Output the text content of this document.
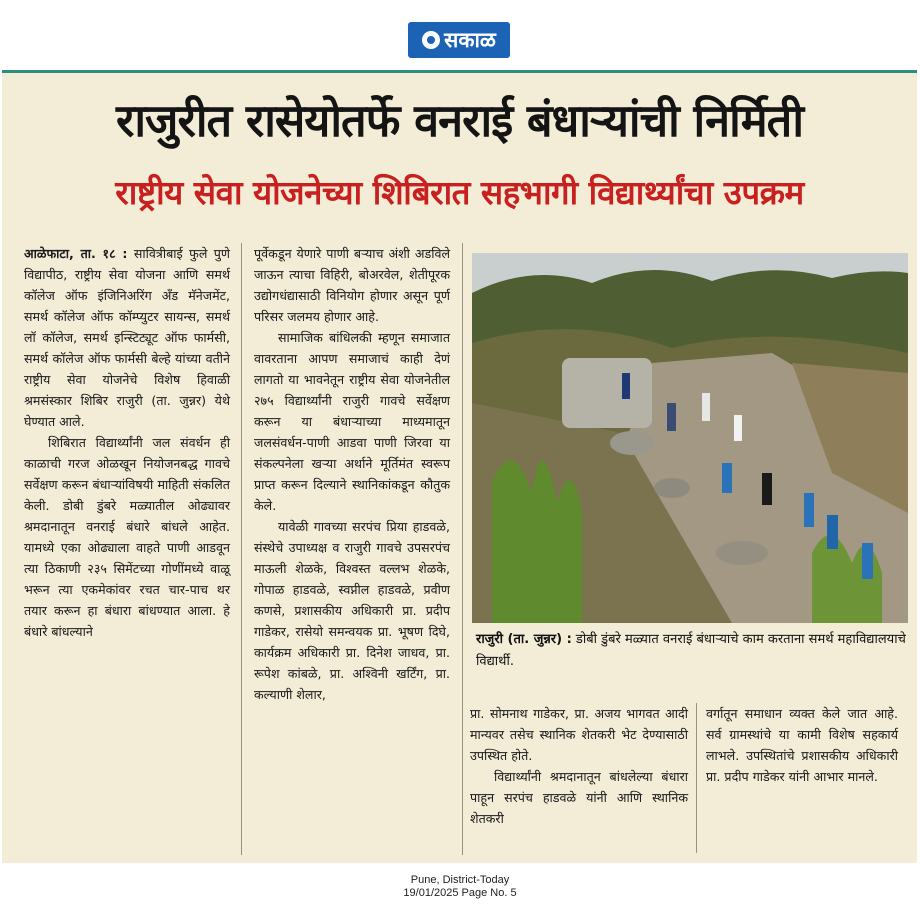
सकाळ
राजुरीत रासेयोतर्फे वनराई बंधाऱ्यांची निर्मिती
राष्ट्रीय सेवा योजनेच्या शिबिरात सहभागी विद्यार्थ्यांचा उपक्रम

आळेफाटा, ता. १८ : सावित्रीबाई फुले पुणे विद्यापीठ, राष्ट्रीय सेवा योजना आणि समर्थ कॉलेज ऑफ इंजिनिअरिंग अँड मॅनेजमेंट, समर्थ कॉलेज ऑफ कॉम्प्युटर सायन्स, समर्थ लॉ कॉलेज, समर्थ इन्स्टिट्यूट ऑफ फार्मसी, समर्थ कॉलेज ऑफ फार्मसी बेल्हे यांच्या वतीने राष्ट्रीय सेवा योजनेचे विशेष हिवाळी श्रमसंस्कार शिबिर राजुरी (ता. जुन्नर) येथे घेण्यात आले.

शिबिरात विद्यार्थ्यांनी जल संवर्धन ही काळाची गरज ओळखून नियोजनबद्ध गावचे सर्वेक्षण करून बंधाऱ्यांविषयी माहिती संकलित केली. डोबी डुंबरे मळ्यातील ओढ्यावर श्रमदानातून वनराई बंधारे बांधले आहेत. यामध्ये एका ओढ्याला वाहते पाणी आडवून त्या ठिकाणी २३५ सिमेंटच्या गोणींमध्ये वाळू भरून त्या एकमेकांवर रचत चार-पाच थर तयार करून हा बंधारा बांधण्यात आला. हे बंधारे बांधल्याने

पूर्वेकडून येणारे पाणी बऱ्याच अंशी अडविले जाऊन त्याचा विहिरी, बोअरवेल, शेतीपूरक उद्योगधंद्यासाठी विनियोग होणार असून पूर्ण परिसर जलमय होणार आहे.

सामाजिक बांधिलकी म्हणून समाजात वावरताना आपण समाजाचं काही देणं लागतो या भावनेतून राष्ट्रीय सेवा योजनेतील २७५ विद्यार्थ्यांनी राजुरी गावचे सर्वेक्षण करून या बंधाऱ्याच्या माध्यमातून जलसंवर्धन-पाणी आडवा पाणी जिरवा या संकल्पनेला खऱ्या अर्थाने मूर्तिमंत स्वरूप प्राप्त करून दिल्याने स्थानिकांकडून कौतुक केले.

यावेळी गावच्या सरपंच प्रिया हाडवळे, संस्थेचे उपाध्यक्ष व राजुरी गावचे उपसरपंच माऊली शेळके, विश्वस्त वल्लभ शेळके, गोपाळ हाडवळे, स्वप्नील हाडवळे, प्रवीण कणसे, प्रशासकीय अधिकारी प्रा. प्रदीप गाडेकर, रासेयो समन्वयक प्रा. भूषण दिघे, कार्यक्रम अधिकारी प्रा. दिनेश जाधव, प्रा. रूपेश कांबळे, प्रा. अश्विनी खर्टिंग, प्रा. कल्याणी शेलार,

राजुरी (ता. जुन्नर) : डोबी डुंबरे मळ्यात वनराई बंधाऱ्याचे काम करताना समर्थ महाविद्यालयाचे विद्यार्थी.

प्रा. सोमनाथ गाडेकर, प्रा. अजय भागवत आदी मान्यवर तसेच स्थानिक शेतकरी भेट देण्यासाठी उपस्थित होते.

विद्यार्थ्यांनी श्रमदानातून बांधलेल्या बंधारा पाहून सरपंच हाडवळे यांनी आणि स्थानिक शेतकरी

वर्गातून समाधान व्यक्त केले जात आहे. सर्व ग्रामस्थांचे या कामी विशेष सहकार्य लाभले. उपस्थितांचे प्रशासकीय अधिकारी प्रा. प्रदीप गाडेकर यांनी आभार मानले.

Pune, District-Today
19/01/2025 Page No. 5
